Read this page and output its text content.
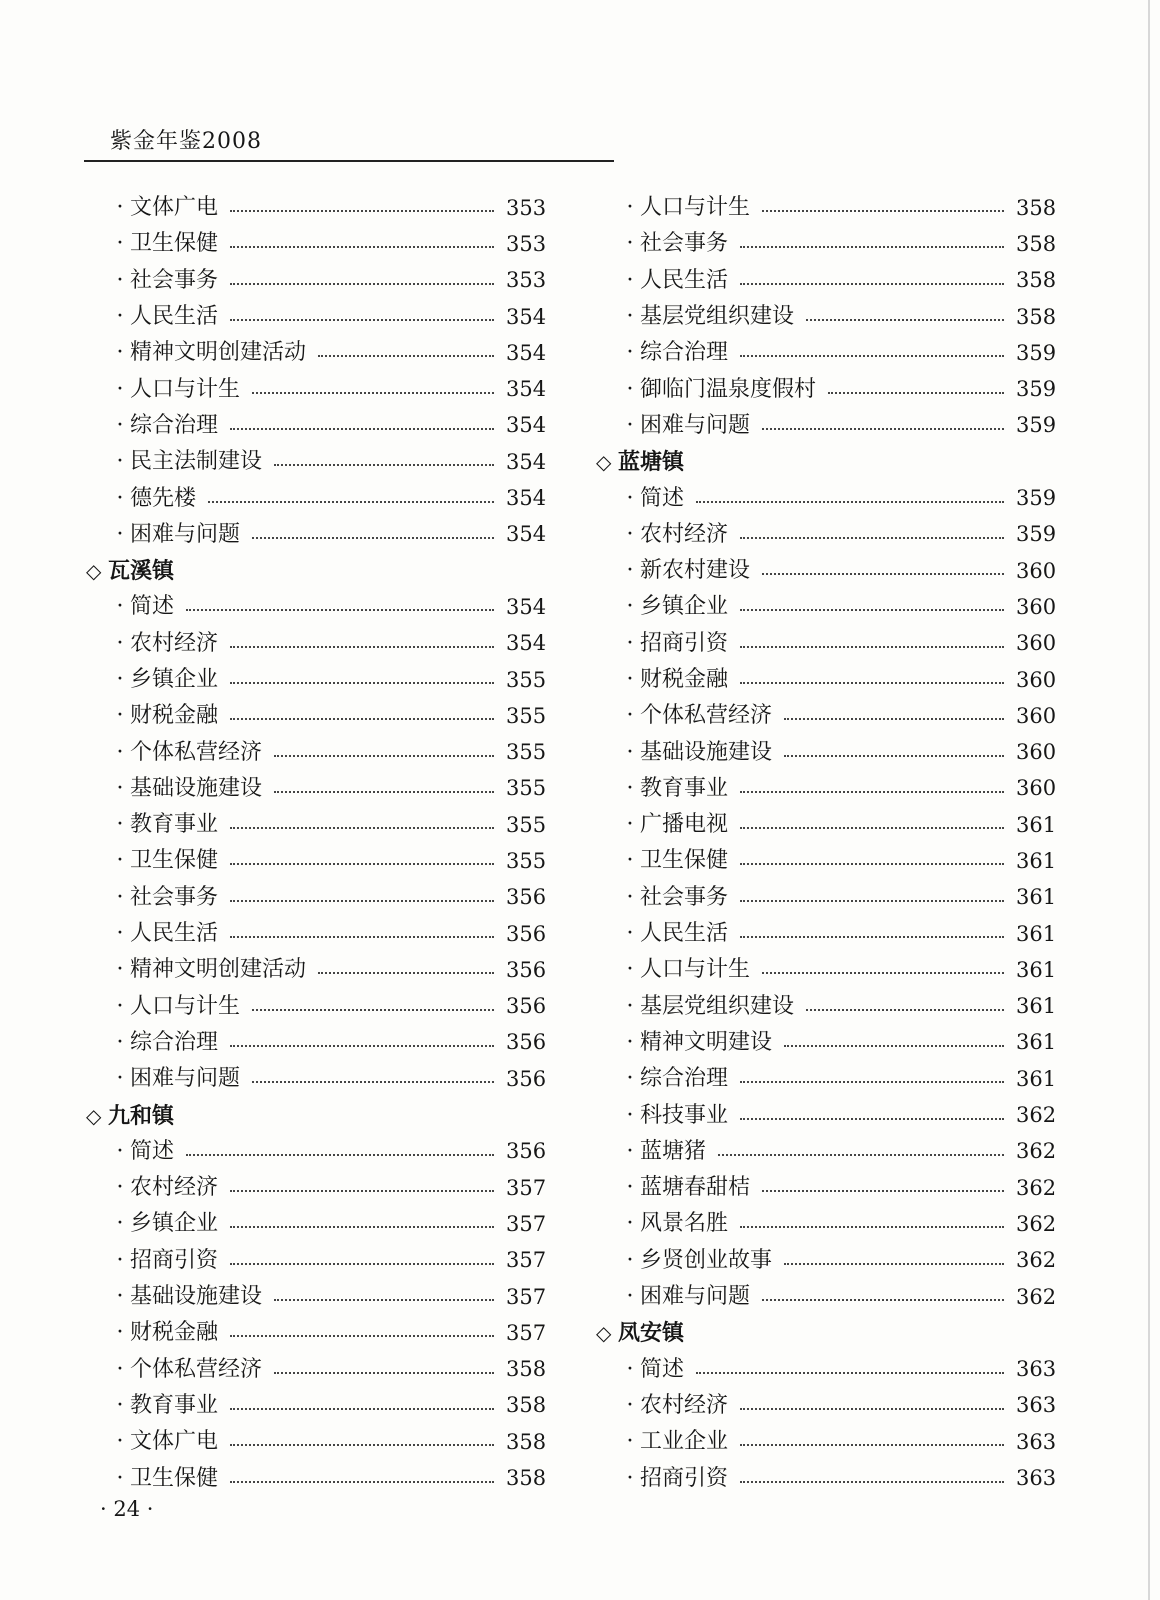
紫金年鉴2008
· 文体广电	353
· 卫生保健	353
· 社会事务	353
· 人民生活	354
· 精神文明创建活动	354
· 人口与计生	354
· 综合治理	354
· 民主法制建设	354
· 德先楼	354
· 困难与问题	354
◇ 瓦溪镇
· 简述	354
· 农村经济	354
· 乡镇企业	355
· 财税金融	355
· 个体私营经济	355
· 基础设施建设	355
· 教育事业	355
· 卫生保健	355
· 社会事务	356
· 人民生活	356
· 精神文明创建活动	356
· 人口与计生	356
· 综合治理	356
· 困难与问题	356
◇ 九和镇
· 简述	356
· 农村经济	357
· 乡镇企业	357
· 招商引资	357
· 基础设施建设	357
· 财税金融	357
· 个体私营经济	358
· 教育事业	358
· 文体广电	358
· 卫生保健	358
· 人口与计生	358
· 社会事务	358
· 人民生活	358
· 基层党组织建设	358
· 综合治理	359
· 御临门温泉度假村	359
· 困难与问题	359
◇ 蓝塘镇
· 简述	359
· 农村经济	359
· 新农村建设	360
· 乡镇企业	360
· 招商引资	360
· 财税金融	360
· 个体私营经济	360
· 基础设施建设	360
· 教育事业	360
· 广播电视	361
· 卫生保健	361
· 社会事务	361
· 人民生活	361
· 人口与计生	361
· 基层党组织建设	361
· 精神文明建设	361
· 综合治理	361
· 科技事业	362
· 蓝塘猪	362
· 蓝塘春甜桔	362
· 风景名胜	362
· 乡贤创业故事	362
· 困难与问题	362
◇ 凤安镇
· 简述	363
· 农村经济	363
· 工业企业	363
· 招商引资	363
· 24 ·
